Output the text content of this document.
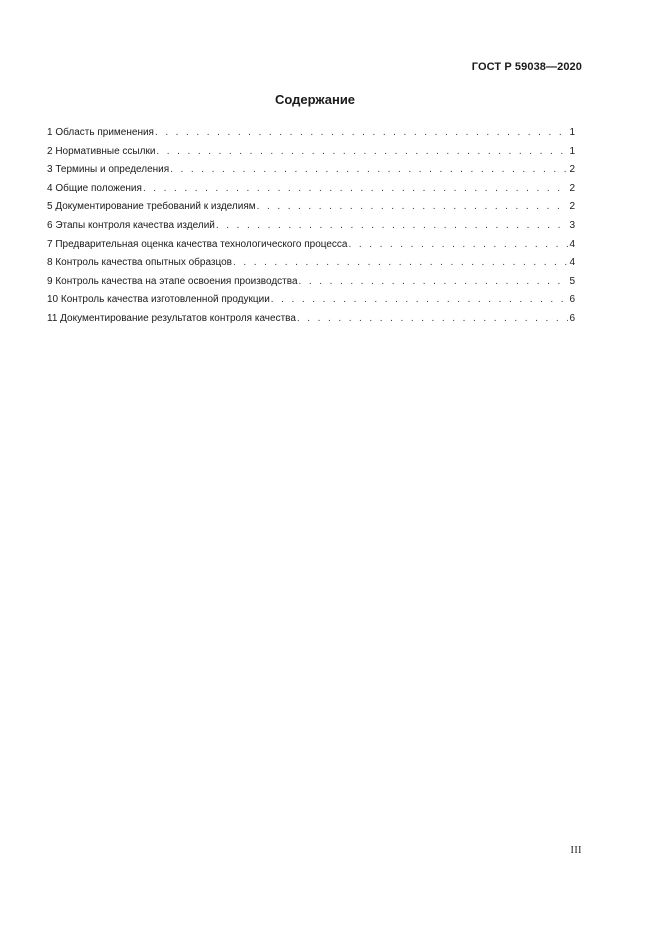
ГОСТ Р 59038—2020
Содержание
1 Область применения . . .	1
2 Нормативные ссылки . . .	1
3 Термины и определения . . .	2
4 Общие положения . . .	2
5 Документирование требований к изделиям . . .	2
6 Этапы контроля качества изделий . . .	3
7 Предварительная оценка качества технологического процесса . . .	4
8 Контроль качества опытных образцов . . .	4
9 Контроль качества на этапе освоения производства . . .	5
10 Контроль качества изготовленной продукции . . .	6
11 Документирование результатов контроля качества . . .	6
III
